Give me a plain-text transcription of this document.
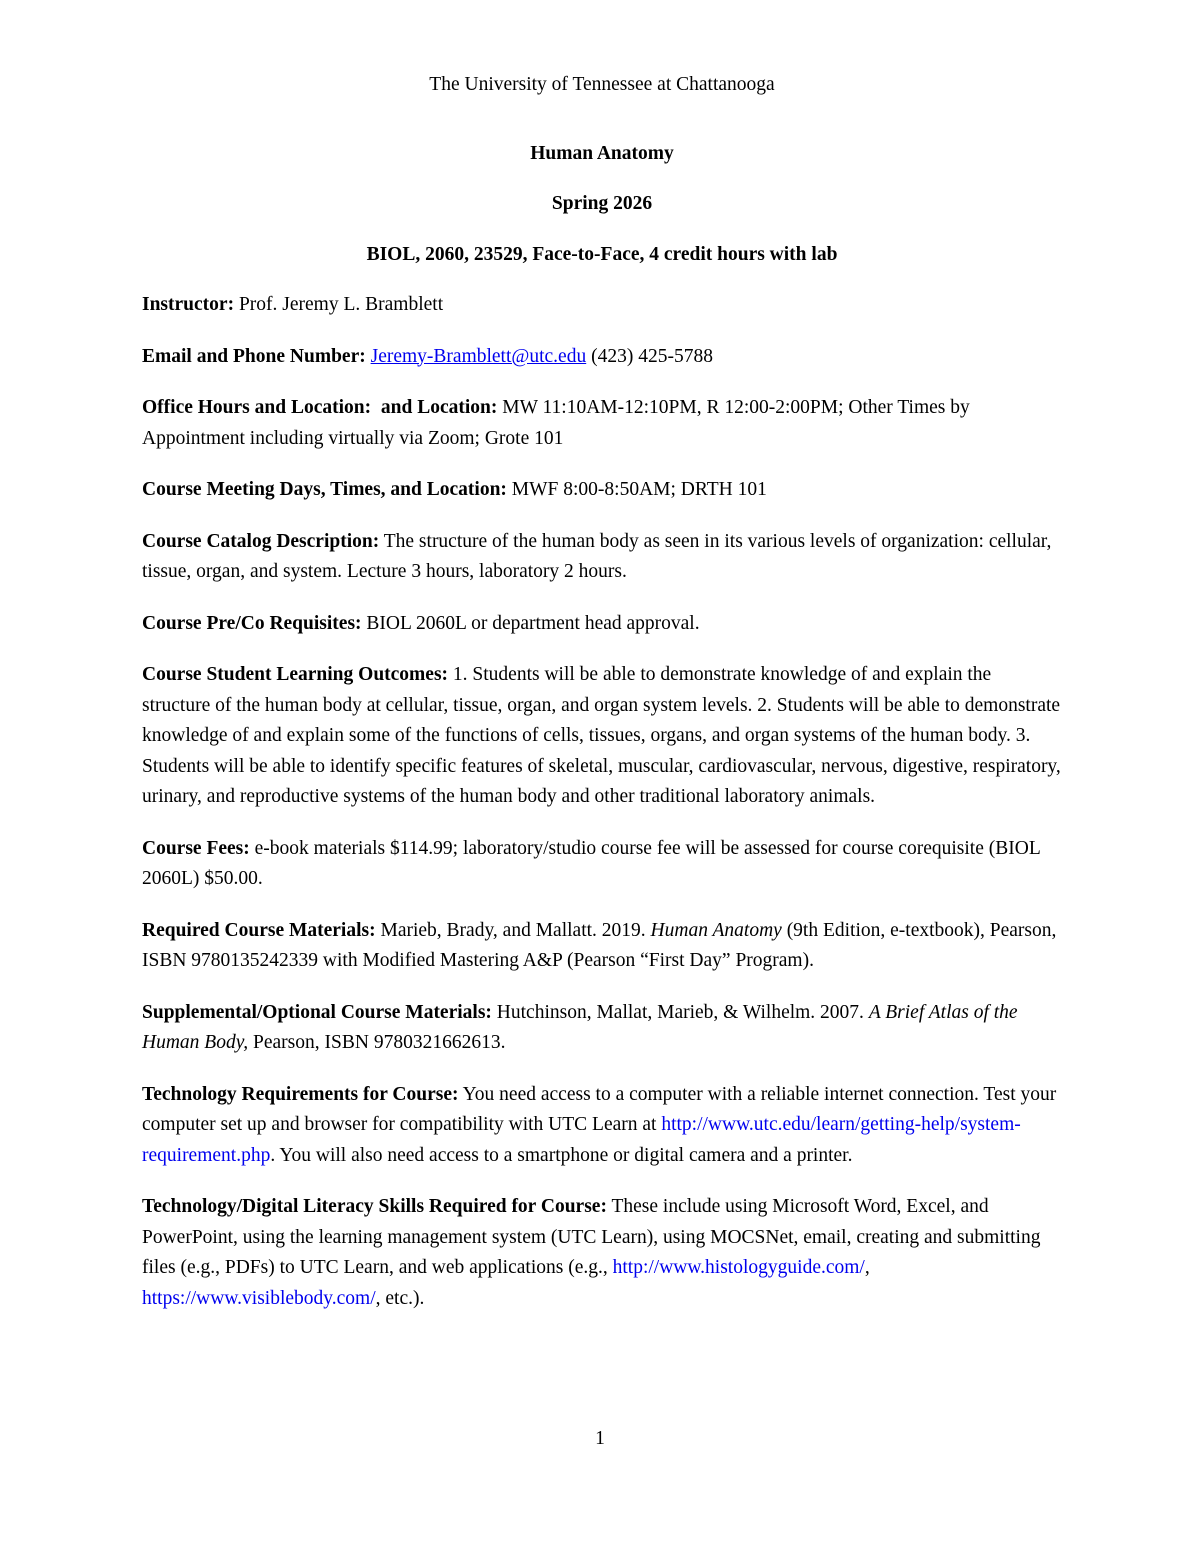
The University of Tennessee at Chattanooga

Human Anatomy

Spring 2026

BIOL, 2060, 23529, Face-to-Face, 4 credit hours with lab

Instructor: Prof. Jeremy L. Bramblett

Email and Phone Number: Jeremy-Bramblett@utc.edu (423) 425-5788

Office Hours and Location: and Location: MW 11:10AM-12:10PM, R 12:00-2:00PM; Other Times by Appointment including virtually via Zoom; Grote 101

Course Meeting Days, Times, and Location: MWF 8:00-8:50AM; DRTH 101

Course Catalog Description: The structure of the human body as seen in its various levels of organization: cellular, tissue, organ, and system. Lecture 3 hours, laboratory 2 hours.

Course Pre/Co Requisites: BIOL 2060L or department head approval.

Course Student Learning Outcomes: 1. Students will be able to demonstrate knowledge of and explain the structure of the human body at cellular, tissue, organ, and organ system levels. 2. Students will be able to demonstrate knowledge of and explain some of the functions of cells, tissues, organs, and organ systems of the human body. 3. Students will be able to identify specific features of skeletal, muscular, cardiovascular, nervous, digestive, respiratory, urinary, and reproductive systems of the human body and other traditional laboratory animals.

Course Fees: e-book materials $114.99; laboratory/studio course fee will be assessed for course corequisite (BIOL 2060L) $50.00.

Required Course Materials: Marieb, Brady, and Mallatt. 2019. Human Anatomy (9th Edition, e-textbook), Pearson, ISBN 9780135242339 with Modified Mastering A&P (Pearson “First Day” Program).

Supplemental/Optional Course Materials: Hutchinson, Mallat, Marieb, & Wilhelm. 2007. A Brief Atlas of the Human Body, Pearson, ISBN 9780321662613.

Technology Requirements for Course: You need access to a computer with a reliable internet connection. Test your computer set up and browser for compatibility with UTC Learn at http://www.utc.edu/learn/getting-help/system-requirement.php. You will also need access to a smartphone or digital camera and a printer.

Technology/Digital Literacy Skills Required for Course: These include using Microsoft Word, Excel, and PowerPoint, using the learning management system (UTC Learn), using MOCSNet, email, creating and submitting files (e.g., PDFs) to UTC Learn, and web applications (e.g., http://www.histologyguide.com/, https://www.visiblebody.com/, etc.).

1
